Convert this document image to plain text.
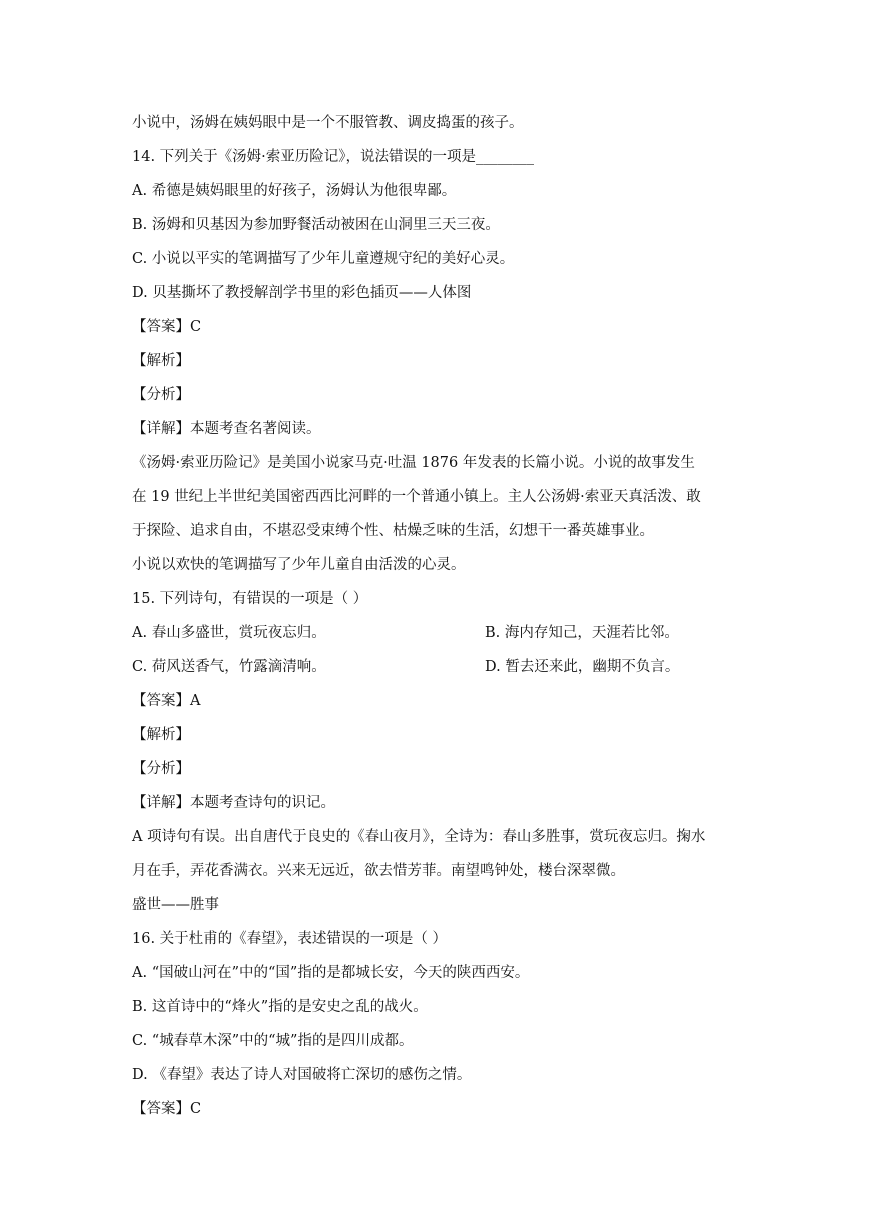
小说中，汤姆在姨妈眼中是一个不服管教、调皮捣蛋的孩子。
14. 下列关于《汤姆·索亚历险记》，说法错误的一项是________
A. 希德是姨妈眼里的好孩子，汤姆认为他很卑鄙。
B. 汤姆和贝基因为参加野餐活动被困在山洞里三天三夜。
C. 小说以平实的笔调描写了少年儿童遵规守纪的美好心灵。
D. 贝基撕坏了教授解剖学书里的彩色插页——人体图
【答案】C
【解析】
【分析】
【详解】本题考查名著阅读。
《汤姆·索亚历险记》是美国小说家马克·吐温 1876 年发表的长篇小说。小说的故事发生
在 19 世纪上半世纪美国密西西比河畔的一个普通小镇上。主人公汤姆·索亚天真活泼、敢
于探险、追求自由，不堪忍受束缚个性、枯燥乏味的生活，幻想干一番英雄事业。
小说以欢快的笔调描写了少年儿童自由活泼的心灵。
15. 下列诗句，有错误的一项是（ ）
A. 春山多盛世，赏玩夜忘归。	B. 海内存知己，天涯若比邻。
C. 荷风送香气，竹露滴清响。	D. 暂去还来此，幽期不负言。
【答案】A
【解析】
【分析】
【详解】本题考查诗句的识记。
A 项诗句有误。出自唐代于良史的《春山夜月》，全诗为：春山多胜事，赏玩夜忘归。掬水
月在手，弄花香满衣。兴来无远近，欲去惜芳菲。南望鸣钟处，楼台深翠微。
盛世——胜事
16. 关于杜甫的《春望》，表述错误的一项是（ ）
A. “国破山河在”中的“国”指的是都城长安，今天的陕西西安。
B. 这首诗中的“烽火”指的是安史之乱的战火。
C. “城春草木深”中的“城”指的是四川成都。
D. 《春望》表达了诗人对国破将亡深切的感伤之情。
【答案】C
